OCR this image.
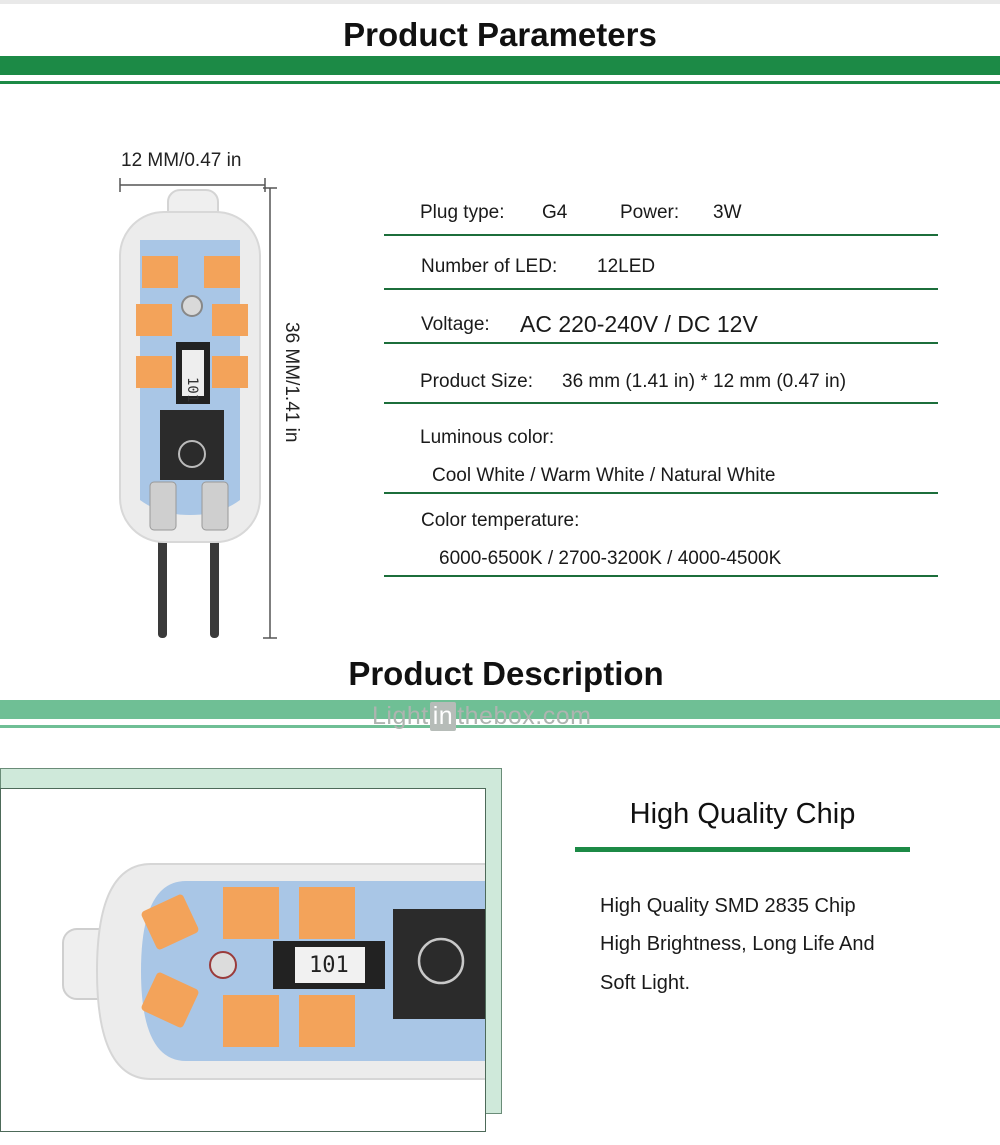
Product Parameters
12 MM/0.47 in
36 MM/1.41 in
101
Plug type: G4	Power: 3W
Number of LED: 12LED
Voltage: AC 220-240V / DC 12V
Product Size: 36 mm (1.41 in) * 12 mm (0.47 in)
Luminous color:
Cool White / Warm White / Natural White
Color temperature:
6000-6500K / 2700-3200K / 4000-4500K
Product Description
Light in thebox.com
101
High Quality Chip
High Quality SMD 2835 Chip
High Brightness, Long Life And
Soft Light.
